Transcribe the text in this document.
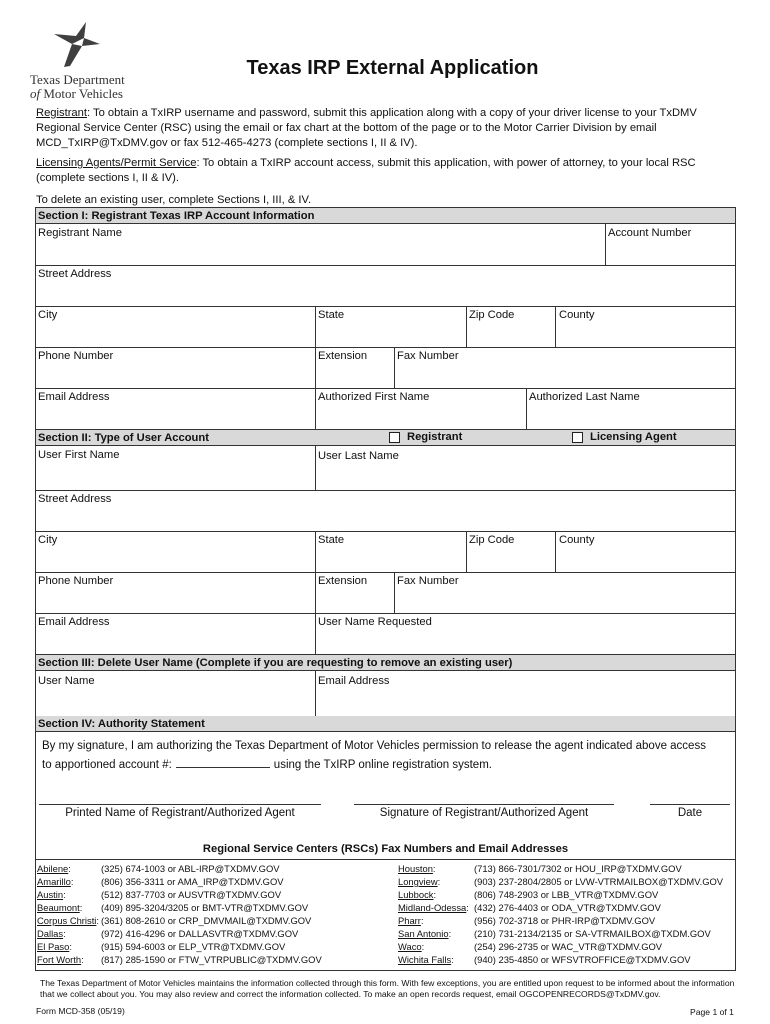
Texas Department
of Motor Vehicles
Texas IRP External Application
Registrant: To obtain a TxIRP username and password, submit this application along with a copy of your driver license to your TxDMV Regional Service Center (RSC) using the email or fax chart at the bottom of the page or to the Motor Carrier Division by email MCD_TxIRP@TxDMV.gov or fax 512-465-4273 (complete sections I, II & IV).
Licensing Agents/Permit Service: To obtain a TxIRP account access, submit this application, with power of attorney, to your local RSC (complete sections I, II & IV).
To delete an existing user, complete Sections I, III, & IV.
Section I: Registrant Texas IRP Account Information
Registrant Name	Account Number
Street Address
City	State	Zip Code	County
Phone Number	Extension	Fax Number
Email Address	Authorized First Name	Authorized Last Name
Section II: Type of User Account	Registrant	Licensing Agent
User First Name	User Last Name
Street Address
City	State	Zip Code	County
Phone Number	Extension	Fax Number
Email Address	User Name Requested
Section III: Delete User Name (Complete if you are requesting to remove an existing user)
User Name	Email Address
Section IV: Authority Statement
By my signature, I am authorizing the Texas Department of Motor Vehicles permission to release the agent indicated above access
to apportioned account #:	using the TxIRP online registration system.
Printed Name of Registrant/Authorized Agent	Signature of Registrant/Authorized Agent	Date
Regional Service Centers (RSCs) Fax Numbers and Email Addresses
Abilene:	(325) 674-1003 or ABL-IRP@TXDMV.GOV
Amarillo:	(806) 356-3311 or AMA_IRP@TXDMV.GOV
Austin:	(512) 837-7703 or AUSVTR@TXDMV.GOV
Beaumont: (409) 895-3204/3205 or BMT-VTR@TXDMV.GOV
Corpus Christi: (361) 808-2610 or CRP_DMVMAIL@TXDMV.GOV
Dallas:	(972) 416-4296 or DALLASVTR@TXDMV.GOV
El Paso:	(915) 594-6003 or ELP_VTR@TXDMV.GOV
Fort Worth: (817) 285-1590 or FTW_VTRPUBLIC@TXDMV.GOV
Houston:	(713) 866-7301/7302 or HOU_IRP@TXDMV.GOV
Longview:	(903) 237-2804/2805 or LVW-VTRMAILBOX@TXDMV.GOV
Lubbock:	(806) 748-2903 or LBB_VTR@TXDMV.GOV
Midland-Odessa: (432) 276-4403 or ODA_VTR@TXDMV.GOV
Pharr:	(956) 702-3718 or PHR-IRP@TXDMV.GOV
San Antonio: (210) 731-2134/2135 or SA-VTRMAILBOX@TXDM.GOV
Waco:	(254) 296-2735 or WAC_VTR@TXDMV.GOV
Wichita Falls: (940) 235-4850 or WFSVTROFFICE@TXDMV.GOV
The Texas Department of Motor Vehicles maintains the information collected through this form. With few exceptions, you are entitled upon request to be informed about the information that we collect about you. You may also review and correct the information collected. To make an open records request, email OGCOPENRECORDS@TxDMV.gov.
Form MCD-358 (05/19)	Page 1 of 1
